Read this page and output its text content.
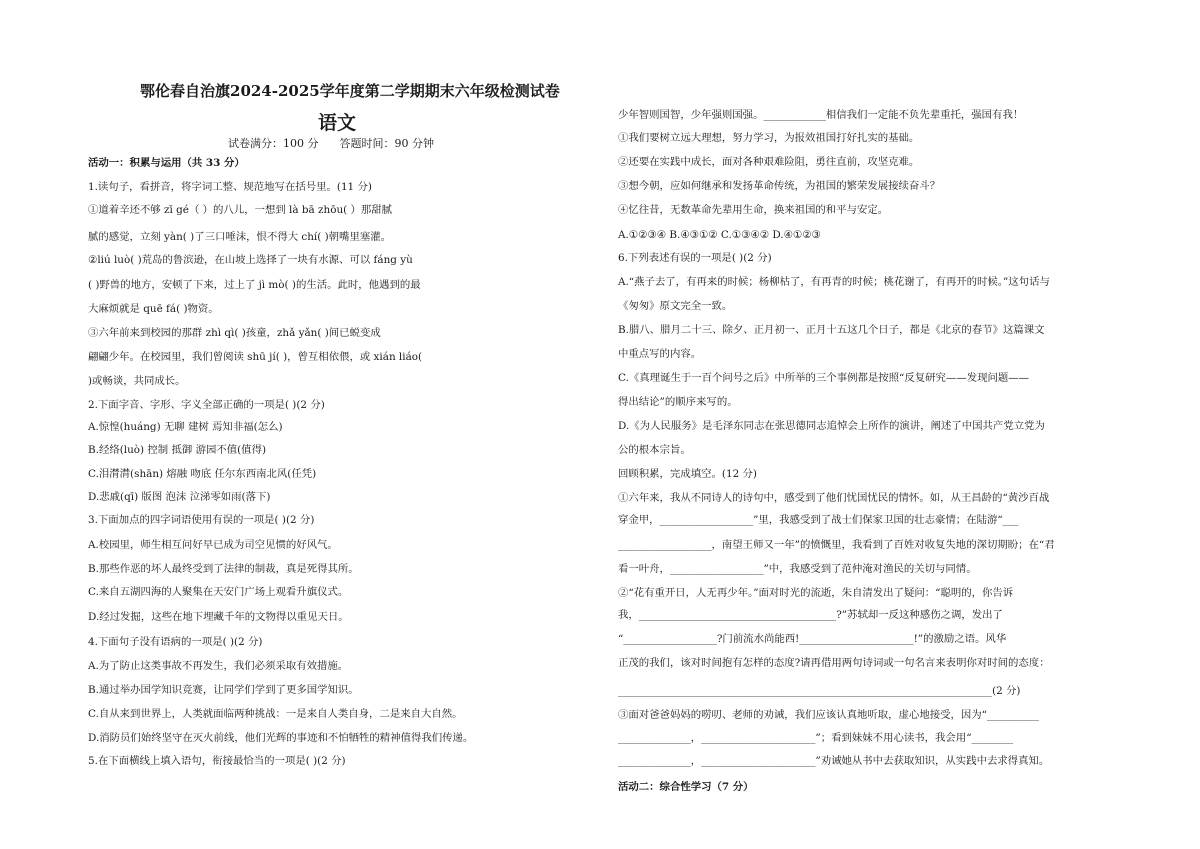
鄂伦春自治旗2024-2025学年度第二学期期末六年级检测试卷
语文
试卷满分：100 分      答题时间：90 分钟
活动一：积累与运用（共 33 分）
1.读句子，看拼音，将字词工整、规范地写在括号里。(11 分)
①道着辛还不够 zī gé（ ）的八儿，一想到 là bā zhōu( ）那甜腻
腻的感觉，立刻 yàn( )了三口唾沫，恨不得大 chí( )朝嘴里塞灌。
②liú luò( )荒岛的鲁滨逊，在山坡上选择了一块有水源、可以 fáng yù
( )野兽的地方，安顿了下来，过上了 jì mò( )的生活。此时，他遇到的最
大麻烦就是 quē fá( )物资。
③六年前来到校园的那群 zhì qì( )孩童，zhǎ yǎn( )间已蜕变成
翩翩少年。在校园里，我们曾阅读 shū jí( )，曾互相依偎，或 xián liáo(
)或畅谈，共同成长。
2.下面字音、字形、字义全部正确的一项是( )(2 分)
A.惊惶(huáng) 无聊 建树 焉知非福(怎么)
B.经络(luò) 控制 抵御 游园不值(值得)
C.泪潸潸(shān) 熔融 吻底 任尔东西南北风(任凭)
D.悲戚(qī) 版图 泡沫 泣涕零如雨(落下)
3.下面加点的四字词语使用有误的一项是( )(2 分)
A.校园里，师生相互问好早已成为司空见惯的好风气。
B.那些作恶的坏人最终受到了法律的制裁，真是死得其所。
C.来自五湖四海的人聚集在天安门广场上观看升旗仪式。
D.经过发掘，这些在地下埋藏千年的文物得以重见天日。
4.下面句子没有语病的一项是( )(2 分)
A.为了防止这类事故不再发生，我们必须采取有效措施。
B.通过举办国学知识竞赛，让同学们学到了更多国学知识。
C.自从来到世界上，人类就面临两种挑战：一是来自人类自身，二是来自大自然。
D.消防员们始终坚守在灭火前线，他们光辉的事迹和不怕牺牲的精神值得我们传递。
5.在下面横线上填入语句，衔接最恰当的一项是( )(2 分)
少年智则国智，少年强则国强。____________相信我们一定能不负先辈重托，强国有我！
①我们要树立远大理想，努力学习，为报效祖国打好扎实的基础。
②还要在实践中成长，面对各种艰难险阻，勇往直前，攻坚克难。
③想今朝，应如何继承和发扬革命传统，为祖国的繁荣发展接续奋斗？
④忆往昔，无数革命先辈用生命，换来祖国的和平与安定。
A.①②③④ B.④③①② C.①③④② D.④①②③
6.下列表述有误的一项是( )(2 分)
A.“燕子去了，有再来的时候；杨柳枯了，有再青的时候；桃花谢了，有再开的时候。”这句话与
《匆匆》原文完全一致。
B.腊八、腊月二十三、除夕、正月初一、正月十五这几个日子，都是《北京的春节》这篇课文
中重点写的内容。
C.《真理诞生于一百个问号之后》中所举的三个事例都是按照“反复研究——发现问题——
得出结论”的顺序来写的。
D.《为人民服务》是毛泽东同志在张思德同志追悼会上所作的演讲，阐述了中国共产党立党为
公的根本宗旨。
回顾积累，完成填空。(12 分)
①六年来，我从不同诗人的诗句中，感受到了他们忧国忧民的情怀。如，从王昌龄的“黄沙百战
穿金甲，__________________”里，我感受到了战士们保家卫国的壮志豪情；在陆游“___
__________________，南望王师又一年”的愤慨里，我看到了百姓对收复失地的深切期盼；在“君
看一叶舟，__________________”中，我感受到了范仲淹对渔民的关切与同情。
②“花有重开日，人无再少年。”面对时光的流逝，朱自清发出了疑问：“聪明的，你告诉
我，______________________________________?”苏轼却一反这种感伤之调，发出了
“__________________?门前流水尚能西!______________________!”的激励之语。风华
正茂的我们，该对时间抱有怎样的态度?请再借用两句诗词或一句名言来表明你对时间的态度：
________________________________________________________________________(2 分)
③面对爸爸妈妈的唠叨、老师的劝诫，我们应该认真地听取，虚心地接受，因为“__________
______________，______________________”；看到妹妹不用心读书，我会用“________
______________，______________________”劝诫她从书中去获取知识，从实践中去求得真知。
活动二：综合性学习（7 分）
